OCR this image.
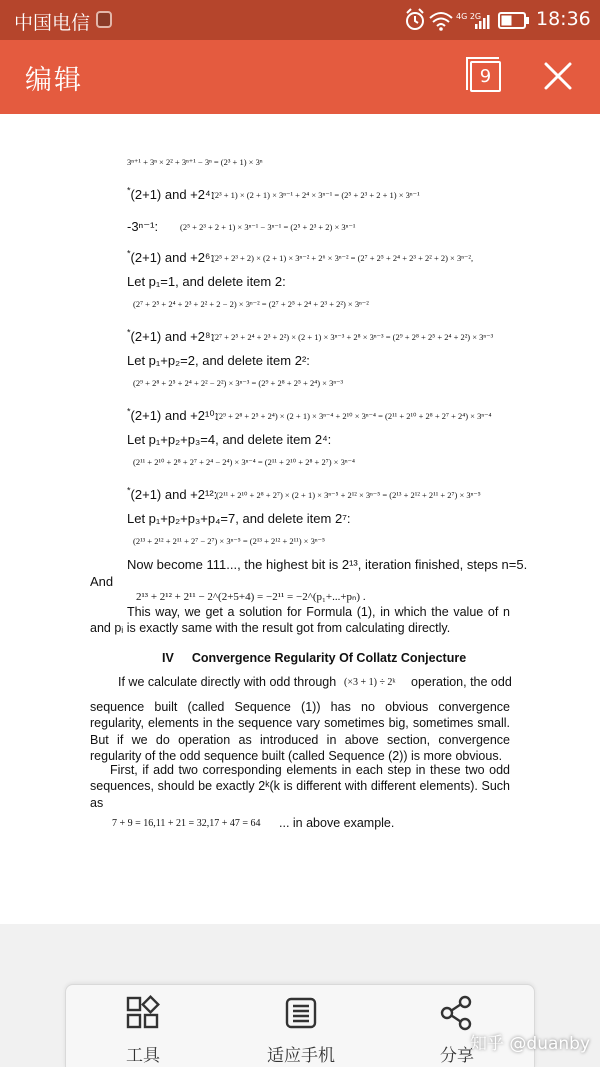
中国电信	4G 2G	18:36
编辑	9
3ⁿ⁺¹ + 3ⁿ × 2² + 3ⁿ⁺¹ − 3ⁿ = (2³ + 1) × 3ⁿ
*(2+1) and +2⁴:
(2³ + 1) × (2 + 1) × 3ⁿ⁻¹ + 2⁴ × 3ⁿ⁻¹ = (2⁵ + 2³ + 2 + 1) × 3ⁿ⁻¹
-3ⁿ⁻¹:	(2⁵ + 2³ + 2 + 1) × 3ⁿ⁻¹ − 3ⁿ⁻¹ = (2⁵ + 2³ + 2) × 3ⁿ⁻¹
*(2+1) and +2⁶:
(2⁵ + 2³ + 2) × (2 + 1) × 3ⁿ⁻² + 2⁶ × 3ⁿ⁻² = (2⁷ + 2⁵ + 2⁴ + 2³ + 2² + 2) × 3ⁿ⁻²,
Let p₁=1, and delete item 2:
(2⁷ + 2⁵ + 2⁴ + 2³ + 2² + 2 − 2) × 3ⁿ⁻² = (2⁷ + 2⁵ + 2⁴ + 2³ + 2²) × 3ⁿ⁻²
*(2+1) and +2⁸:
(2⁷ + 2⁵ + 2⁴ + 2³ + 2²) × (2 + 1) × 3ⁿ⁻³ + 2⁸ × 3ⁿ⁻³ = (2⁹ + 2⁸ + 2⁵ + 2⁴ + 2²) × 3ⁿ⁻³
Let p₁+p₂=2, and delete item 2²:
(2⁹ + 2⁸ + 2⁵ + 2⁴ + 2² − 2²) × 3ⁿ⁻³ = (2⁹ + 2⁸ + 2⁵ + 2⁴) × 3ⁿ⁻³
*(2+1) and +2¹⁰:
(2⁹ + 2⁸ + 2⁵ + 2⁴) × (2 + 1) × 3ⁿ⁻⁴ + 2¹⁰ × 3ⁿ⁻⁴ = (2¹¹ + 2¹⁰ + 2⁸ + 2⁷ + 2⁴) × 3ⁿ⁻⁴
Let p₁+p₂+p₃=4, and delete item 2⁴:
(2¹¹ + 2¹⁰ + 2⁸ + 2⁷ + 2⁴ − 2⁴) × 3ⁿ⁻⁴ = (2¹¹ + 2¹⁰ + 2⁸ + 2⁷) × 3ⁿ⁻⁴
*(2+1) and +2¹²:
(2¹¹ + 2¹⁰ + 2⁸ + 2⁷) × (2 + 1) × 3ⁿ⁻⁵ + 2¹² × 3ⁿ⁻⁵ = (2¹³ + 2¹² + 2¹¹ + 2⁷) × 3ⁿ⁻⁵
Let p₁+p₂+p₃+p₄=7, and delete item 2⁷:
(2¹³ + 2¹² + 2¹¹ + 2⁷ − 2⁷) × 3ⁿ⁻⁵ = (2¹³ + 2¹² + 2¹¹) × 3ⁿ⁻⁵
Now become 111..., the highest bit is 2¹³, iteration finished, steps n=5.
And
2¹³ + 2¹² + 2¹¹ − 2^(2+5+4) = −2¹¹ = −2^(p₁+...+pₙ) .
This way, we get a solution for Formula (1), in which the value of n and pᵢ is exactly same with the result got from calculating directly.
IV Convergence Regularity Of Collatz Conjecture
If we calculate directly with odd through (×3 + 1) ÷ 2ᵏ operation, the odd
sequence built (called Sequence (1)) has no obvious convergence regularity, elements in the sequence vary sometimes big, sometimes small. But if we do operation as introduced in above section, convergence regularity of the odd sequence built (called Sequence (2)) is more obvious.
First, if add two corresponding elements in each step in these two odd sequences, should be exactly 2ᵏ(k is different with different elements). Such as
7 + 9 = 16,11 + 21 = 32,17 + 47 = 64 ... in above example.
工具	适应手机	分享
知乎 @duanby
